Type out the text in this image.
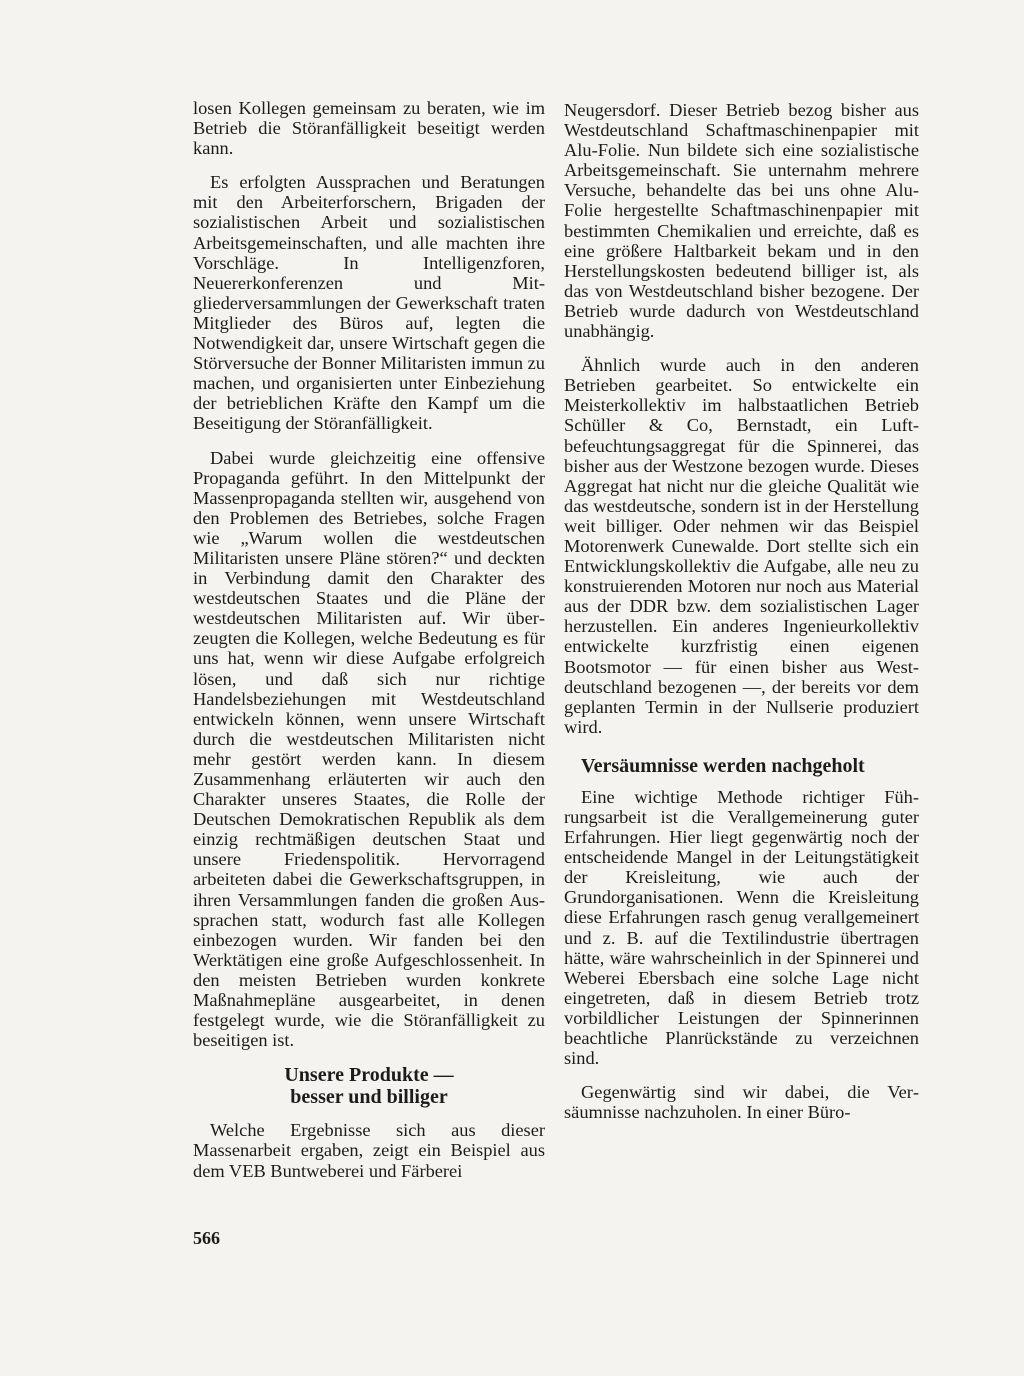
losen Kollegen gemeinsam zu beraten, wie im Betrieb die Störanfälligkeit beseitigt werden kann.

Es erfolgten Aussprachen und Beratungen mit den Arbeiterforschern, Brigaden der sozialistischen Arbeit und sozialistischen Arbeitsgemeinschaften, und alle machten ihre Vorschläge. In Intelligenzforen, Neuererkonferenzen und Mitgliederversammlungen der Gewerkschaft traten Mitglieder des Büros auf, legten die Notwendigkeit dar, unsere Wirtschaft gegen die Störversuche der Bonner Militaristen immun zu machen, und organisierten unter Einbeziehung der betrieblichen Kräfte den Kampf um die Beseitigung der Störanfälligkeit.

Dabei wurde gleichzeitig eine offensive Propaganda geführt. In den Mittelpunkt der Massenpropaganda stellten wir, ausgehend von den Problemen des Betriebes, solche Fragen wie „Warum wollen die westdeutschen Militaristen unsere Pläne stören?“ und deckten in Verbindung damit den Charakter des westdeutschen Staates und die Pläne der westdeutschen Militaristen auf. Wir überzeugten die Kollegen, welche Bedeutung es für uns hat, wenn wir diese Aufgabe erfolgreich lösen, und daß sich nur richtige Handelsbeziehungen mit Westdeutschland entwickeln können, wenn unsere Wirtschaft durch die westdeutschen Militaristen nicht mehr gestört werden kann. In diesem Zusammenhang erläuterten wir auch den Charakter unseres Staates, die Rolle der Deutschen Demokratischen Republik als dem einzig rechtmäßigen deutschen Staat und unsere Friedenspolitik. Hervorragend arbeiteten dabei die Gewerkschaftsgruppen, in ihren Versammlungen fanden die großen Aussprachen statt, wodurch fast alle Kollegen einbezogen wurden. Wir fanden bei den Werktätigen eine große Aufgeschlossenheit. In den meisten Betrieben wurden konkrete Maßnahmepläne ausgearbeitet, in denen festgelegt wurde, wie die Störanfälligkeit zu beseitigen ist.

Unsere Produkte —
besser und billiger

Welche Ergebnisse sich aus dieser Massenarbeit ergaben, zeigt ein Beispiel aus dem VEB Buntweberei und Färberei

Neugersdorf. Dieser Betrieb bezog bisher aus Westdeutschland Schaftmaschinenpapier mit Alu-Folie. Nun bildete sich eine sozialistische Arbeitsgemeinschaft. Sie unternahm mehrere Versuche, behandelte das bei uns ohne Alu-Folie hergestellte Schaftmaschinenpapier mit bestimmten Chemikalien und erreichte, daß es eine größere Haltbarkeit bekam und in den Herstellungskosten bedeutend billiger ist, als das von Westdeutschland bisher bezogene. Der Betrieb wurde dadurch von Westdeutschland unabhängig.

Ähnlich wurde auch in den anderen Betrieben gearbeitet. So entwickelte ein Meisterkollektiv im halbstaatlichen Betrieb Schüller & Co, Bernstadt, ein Luftbefeuchtungsaggregat für die Spinnerei, das bisher aus der Westzone bezogen wurde. Dieses Aggregat hat nicht nur die gleiche Qualität wie das westdeutsche, sondern ist in der Herstellung weit billiger. Oder nehmen wir das Beispiel Motorenwerk Cunewalde. Dort stellte sich ein Entwicklungskollektiv die Aufgabe, alle neu zu konstruierenden Motoren nur noch aus Material aus der DDR bzw. dem sozialistischen Lager herzustellen. Ein anderes Ingenieurkollektiv entwickelte kurzfristig einen eigenen Bootsmotor — für einen bisher aus Westdeutschland bezogenen —, der bereits vor dem geplanten Termin in der Nullserie produziert wird.

Versäumnisse werden nachgeholt

Eine wichtige Methode richtiger Führungsarbeit ist die Verallgemeinerung guter Erfahrungen. Hier liegt gegenwärtig noch der entscheidende Mangel in der Leitungstätigkeit der Kreisleitung, wie auch der Grundorganisationen. Wenn die Kreisleitung diese Erfahrungen rasch genug verallgemeinert und z. B. auf die Textilindustrie übertragen hätte, wäre wahrscheinlich in der Spinnerei und Weberei Ebersbach eine solche Lage nicht eingetreten, daß in diesem Betrieb trotz vorbildlicher Leistungen der Spinnerinnen beachtliche Planrückstände zu verzeichnen sind.

Gegenwärtig sind wir dabei, die Versäumnisse nachzuholen. In einer Büro-

566
